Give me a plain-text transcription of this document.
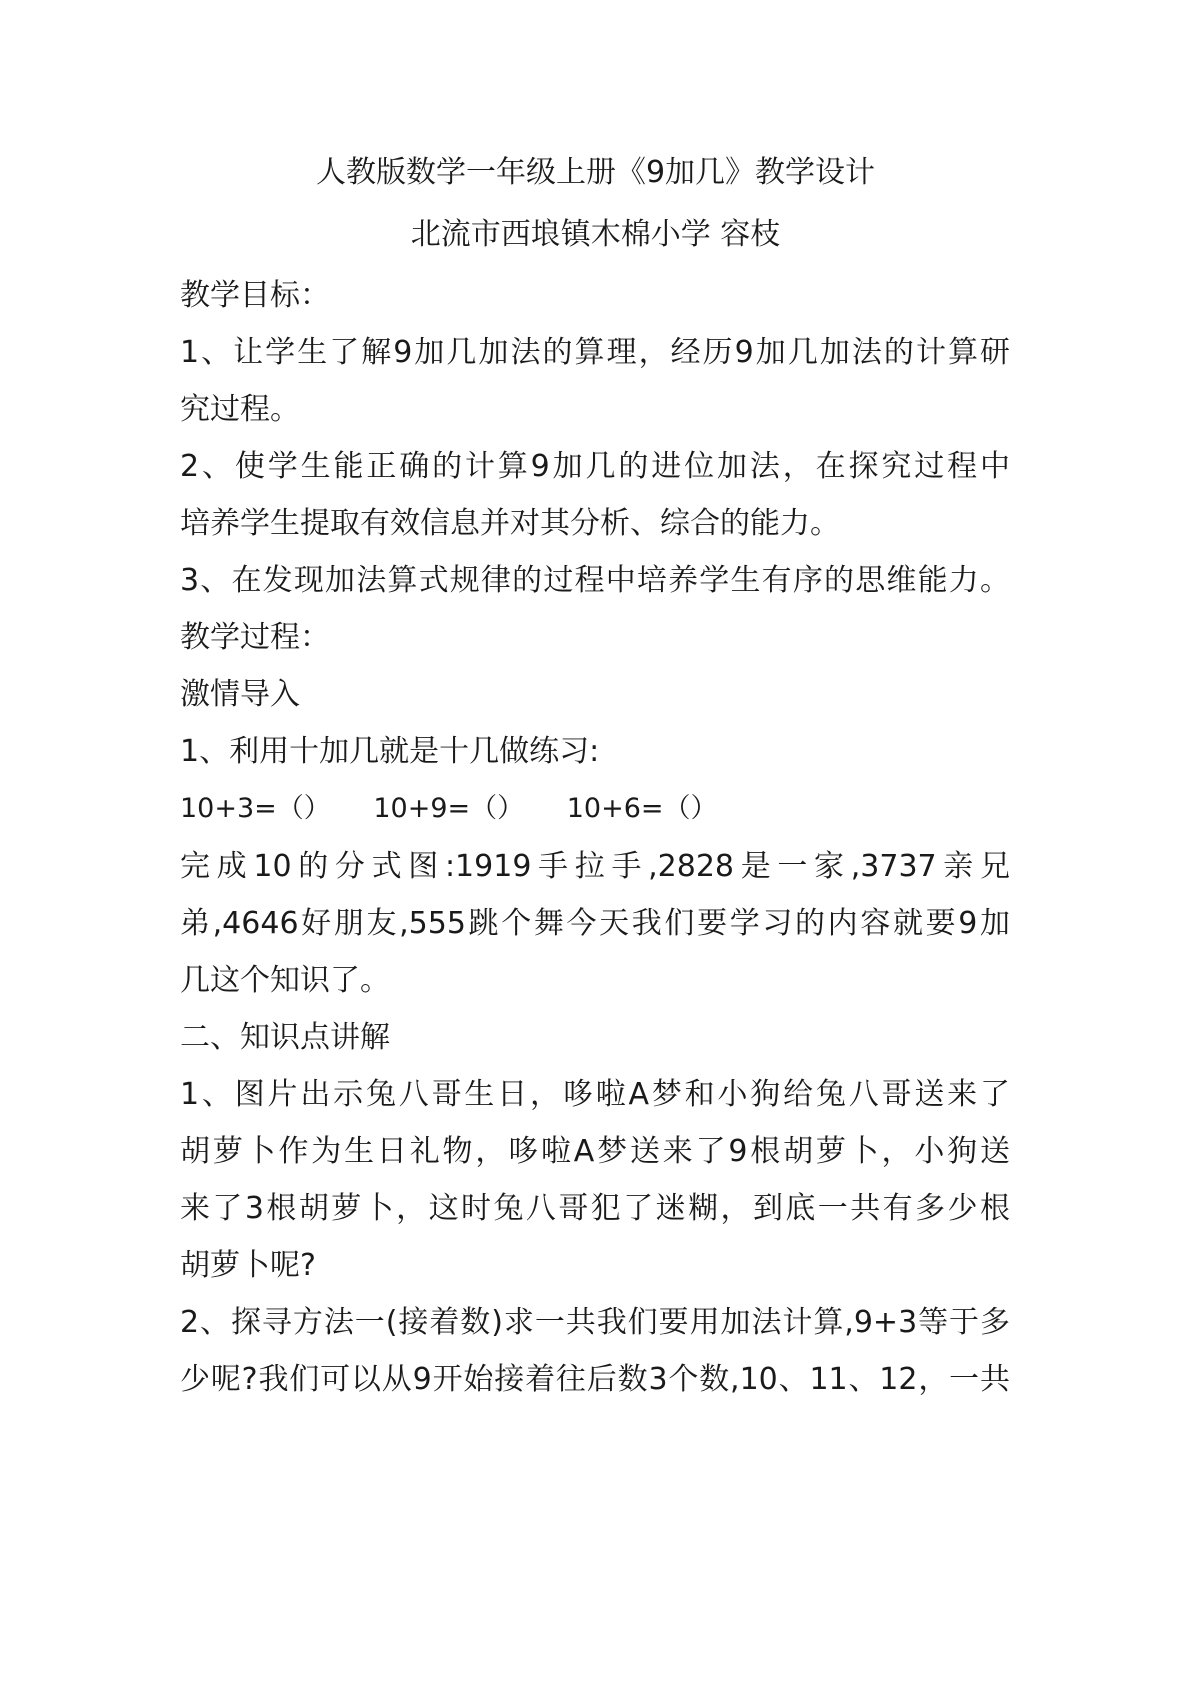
人教版数学一年级上册《9加几》教学设计
北流市西埌镇木棉小学 容枝
教学目标：
1、让学生了解9加几加法的算理，经历9加几加法的计算研
究过程。
2、使学生能正确的计算9加几的进位加法，在探究过程中
培养学生提取有效信息并对其分析、综合的能力。
3、在发现加法算式规律的过程中培养学生有序的思维能力。
教学过程：
激情导入
1、利用十加几就是十几做练习:
10+3=（） 10+9=（） 10+6=（）
完成10的分式图:1919手拉手,2828是一家,3737亲兄
弟,4646好朋友,555跳个舞今天我们要学习的内容就要9加
几这个知识了。
二、知识点讲解
1、图片出示兔八哥生日，哆啦A梦和小狗给兔八哥送来了
胡萝卜作为生日礼物，哆啦A梦送来了9根胡萝卜，小狗送
来了3根胡萝卜，这时兔八哥犯了迷糊，到底一共有多少根
胡萝卜呢?
2、探寻方法一(接着数)求一共我们要用加法计算,9+3等于多
少呢?我们可以从9开始接着往后数3个数,10、11、12，一共
